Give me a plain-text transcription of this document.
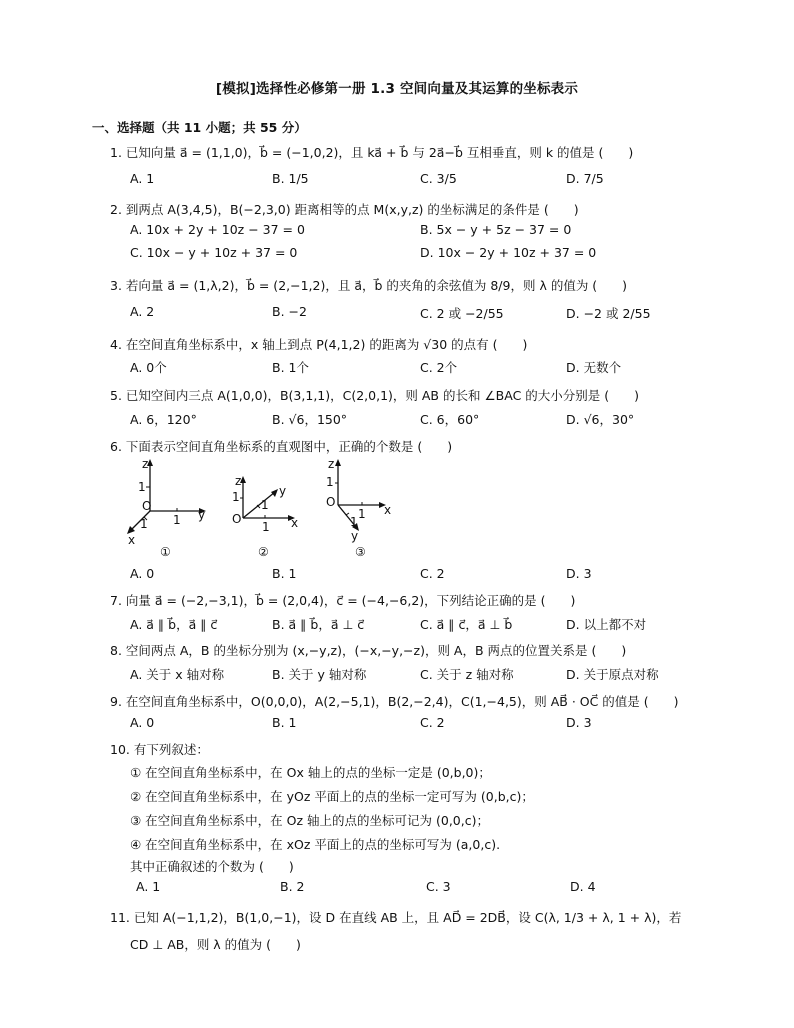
[模拟]选择性必修第一册 1.3 空间向量及其运算的坐标表示
一、选择题（共 11 小题；共 55 分）
1. 已知向量 a⃗ = (1,1,0)，b⃗ = (−1,0,2)，且 ka⃗ + b⃗ 与 2a⃗−b⃗ 互相垂直，则 k 的值是 (　　)
A. 1	B. 1/5	C. 3/5	D. 7/5
2. 到两点 A(3,4,5)，B(−2,3,0) 距离相等的点 M(x,y,z) 的坐标满足的条件是 (　　)
A. 10x + 2y + 10z − 37 = 0	B. 5x − y + 5z − 37 = 0
C. 10x − y + 10z + 37 = 0	D. 10x − 2y + 10z + 37 = 0
3. 若向量 a⃗ = (1,λ,2)，b⃗ = (2,−1,2)，且 a⃗，b⃗ 的夹角的余弦值为 8/9，则 λ 的值为 (　　)
A. 2	B. −2	C. 2 或 −2/55	D. −2 或 2/55
4. 在空间直角坐标系中，x 轴上到点 P(4,1,2) 的距离为 √30 的点有 (　　)
A. 0个	B. 1个	C. 2个	D. 无数个
5. 已知空间内三点 A(1,0,0)，B(3,1,1)，C(2,0,1)，则 AB 的长和 ∠BAC 的大小分别是 (　　)
A. 6，120°	B. √6，150°	C. 6，60°	D. √6，30°
6. 下面表示空间直角坐标系的直观图中，正确的个数是 (　　)
z
O
y
x
1
1
1
①
z
O	x
y
1
1
1
②
z
O
x
y
1
1
1
③
A. 0	B. 1	C. 2	D. 3
7. 向量 a⃗ = (−2,−3,1)，b⃗ = (2,0,4)，c⃗ = (−4,−6,2)，下列结论正确的是 (　　)
A. a⃗ ∥ b⃗，a⃗ ∥ c⃗	B. a⃗ ∥ b⃗，a⃗ ⊥ c⃗	C. a⃗ ∥ c⃗，a⃗ ⊥ b⃗	D. 以上都不对
8. 空间两点 A，B 的坐标分别为 (x,−y,z)，(−x,−y,−z)，则 A，B 两点的位置关系是 (　　)
A. 关于 x 轴对称	B. 关于 y 轴对称	C. 关于 z 轴对称	D. 关于原点对称
9. 在空间直角坐标系中，O(0,0,0)，A(2,−5,1)，B(2,−2,4)，C(1,−4,5)，则 AB⃗ · OC⃗ 的值是 (　　)
A. 0	B. 1	C. 2	D. 3
10. 有下列叙述：
① 在空间直角坐标系中，在 Ox 轴上的点的坐标一定是 (0,b,0)；
② 在空间直角坐标系中，在 yOz 平面上的点的坐标一定可写为 (0,b,c)；
③ 在空间直角坐标系中，在 Oz 轴上的点的坐标可记为 (0,0,c)；
④ 在空间直角坐标系中，在 xOz 平面上的点的坐标可写为 (a,0,c).
其中正确叙述的个数为 (　　)
A. 1	B. 2	C. 3	D. 4
11. 已知 A(−1,1,2)，B(1,0,−1)，设 D 在直线 AB 上，且 AD⃗ = 2DB⃗，设 C(λ, 1/3 + λ, 1 + λ)，若
CD ⊥ AB，则 λ 的值为 (　　)
